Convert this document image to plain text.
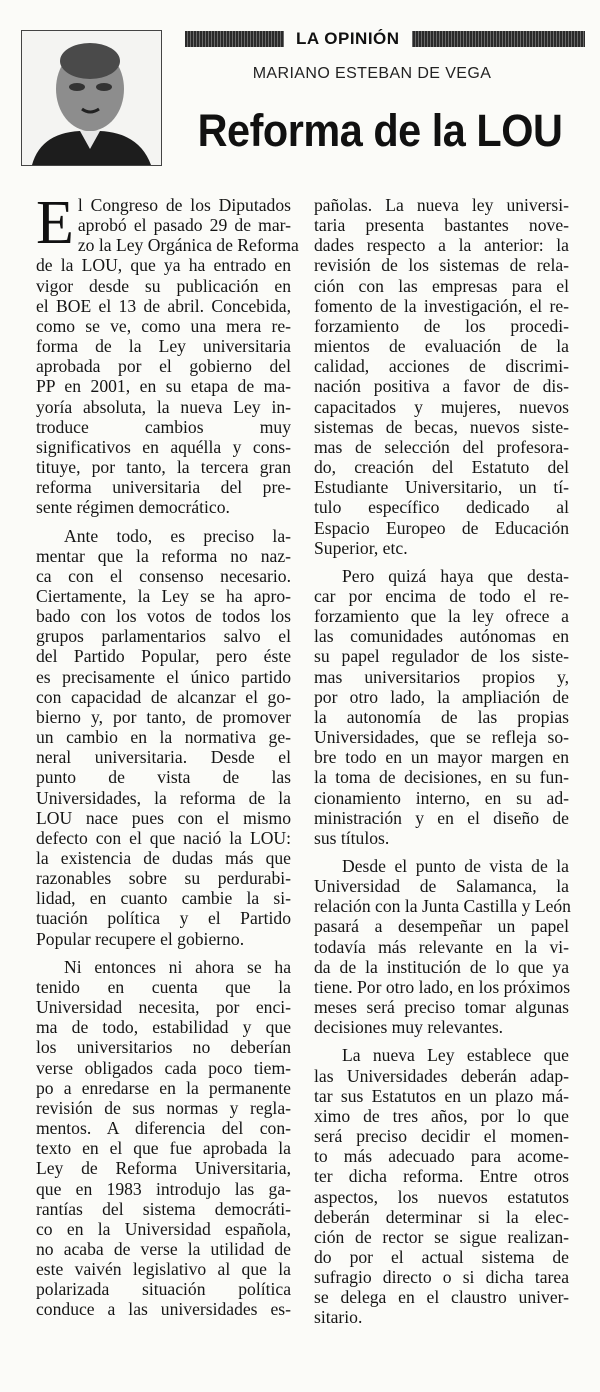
LA OPINIÓN
MARIANO ESTEBAN DE VEGA
Reforma de la LOU
E l Congreso de los Diputados
aprobó el pasado 29 de mar-
zo la Ley Orgánica de Reforma
de la LOU, que ya ha entrado en
vigor desde su publicación en
el BOE el 13 de abril. Concebida,
como se ve, como una mera re-
forma de la Ley universitaria
aprobada por el gobierno del
PP en 2001, en su etapa de ma-
yoría absoluta, la nueva Ley in-
troduce cambios muy
significativos en aquélla y cons-
tituye, por tanto, la tercera gran
reforma universitaria del pre-
sente régimen democrático.
Ante todo, es preciso la-
mentar que la reforma no naz-
ca con el consenso necesario.
Ciertamente, la Ley se ha apro-
bado con los votos de todos los
grupos parlamentarios salvo el
del Partido Popular, pero éste
es precisamente el único partido
con capacidad de alcanzar el go-
bierno y, por tanto, de promover
un cambio en la normativa ge-
neral universitaria. Desde el
punto de vista de las
Universidades, la reforma de la
LOU nace pues con el mismo
defecto con el que nació la LOU:
la existencia de dudas más que
razonables sobre su perdurabi-
lidad, en cuanto cambie la si-
tuación política y el Partido
Popular recupere el gobierno.
Ni entonces ni ahora se ha
tenido en cuenta que la
Universidad necesita, por enci-
ma de todo, estabilidad y que
los universitarios no deberían
verse obligados cada poco tiem-
po a enredarse en la permanente
revisión de sus normas y regla-
mentos. A diferencia del con-
texto en el que fue aprobada la
Ley de Reforma Universitaria,
que en 1983 introdujo las ga-
rantías del sistema democráti-
co en la Universidad española,
no acaba de verse la utilidad de
este vaivén legislativo al que la
polarizada situación política
conduce a las universidades es-
pañolas. La nueva ley universi-
taria presenta bastantes nove-
dades respecto a la anterior: la
revisión de los sistemas de rela-
ción con las empresas para el
fomento de la investigación, el re-
forzamiento de los procedi-
mientos de evaluación de la
calidad, acciones de discrimi-
nación positiva a favor de dis-
capacitados y mujeres, nuevos
sistemas de becas, nuevos siste-
mas de selección del profesora-
do, creación del Estatuto del
Estudiante Universitario, un tí-
tulo específico dedicado al
Espacio Europeo de Educación
Superior, etc.
Pero quizá haya que desta-
car por encima de todo el re-
forzamiento que la ley ofrece a
las comunidades autónomas en
su papel regulador de los siste-
mas universitarios propios y,
por otro lado, la ampliación de
la autonomía de las propias
Universidades, que se refleja so-
bre todo en un mayor margen en
la toma de decisiones, en su fun-
cionamiento interno, en su ad-
ministración y en el diseño de
sus títulos.
Desde el punto de vista de la
Universidad de Salamanca, la
relación con la Junta Castilla y León
pasará a desempeñar un papel
todavía más relevante en la vi-
da de la institución de lo que ya
tiene. Por otro lado, en los próximos
meses será preciso tomar algunas
decisiones muy relevantes.
La nueva Ley establece que
las Universidades deberán adap-
tar sus Estatutos en un plazo má-
ximo de tres años, por lo que
será preciso decidir el momen-
to más adecuado para acome-
ter dicha reforma. Entre otros
aspectos, los nuevos estatutos
deberán determinar si la elec-
ción de rector se sigue realizan-
do por el actual sistema de
sufragio directo o si dicha tarea
se delega en el claustro univer-
sitario.
